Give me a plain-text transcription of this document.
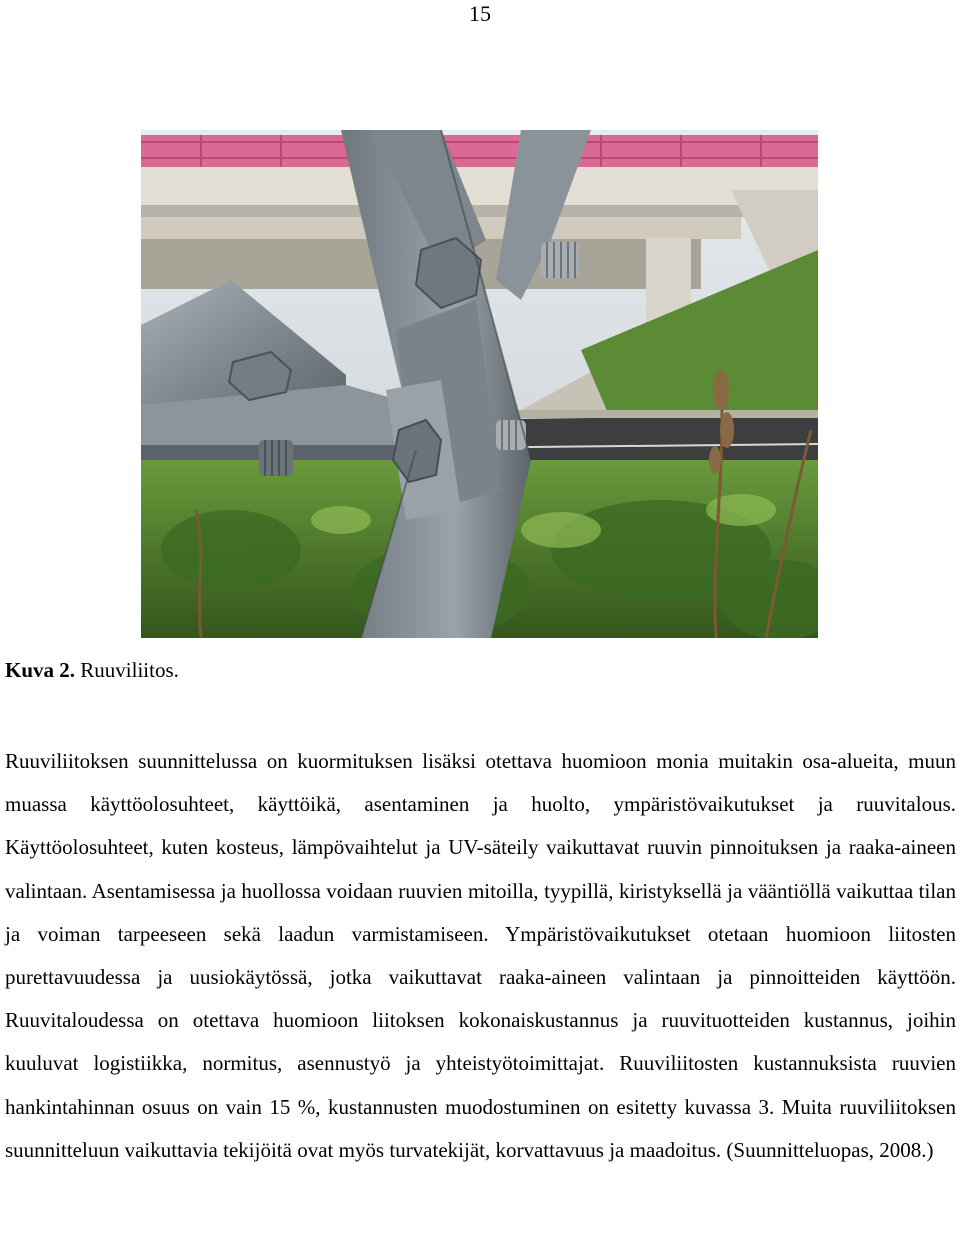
15
Kuva 2. Ruuviliitos.

Ruuviliitoksen suunnittelussa on kuormituksen lisäksi otettava huomioon monia muitakin osa-alueita, muun muassa käyttöolosuhteet, käyttöikä, asentaminen ja huolto, ympäristövaikutukset ja ruuvitalous. Käyttöolosuhteet, kuten kosteus, lämpövaihtelut ja UV-säteily vaikuttavat ruuvin pinnoituksen ja raaka-aineen valintaan. Asentamisessa ja huollossa voidaan ruuvien mitoilla, tyypillä, kiristyksellä ja vääntiöllä vaikuttaa tilan ja voiman tarpeeseen sekä laadun varmistamiseen. Ympäristövaikutukset otetaan huomioon liitosten purettavuudessa ja uusiokäytössä, jotka vaikuttavat raaka-aineen valintaan ja pinnoitteiden käyttöön. Ruuvitaloudessa on otettava huomioon liitoksen kokonaiskustannus ja ruuvituotteiden kustannus, joihin kuuluvat logistiikka, normitus, asennustyö ja yhteistyötoimittajat. Ruuviliitosten kustannuksista ruuvien hankintahinnan osuus on vain 15 %, kustannusten muodostuminen on esitetty kuvassa 3. Muita ruuviliitoksen suunnitteluun vaikuttavia tekijöitä ovat myös turvatekijät, korvattavuus ja maadoitus. (Suunnitteluopas, 2008.)
